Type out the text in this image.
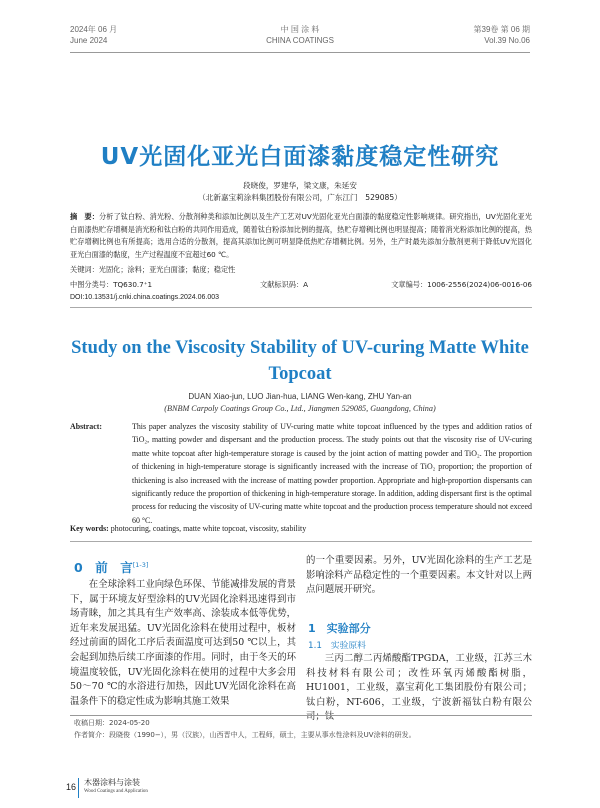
2024年 06 月
June 2024
中 国 涂 料
CHINA COATINGS
第39卷 第 06 期
Vol.39 No.06
UV光固化亚光白面漆黏度稳定性研究
段晓俊，罗建华，梁文康，朱延安
（北新嘉宝莉涂料集团股份有限公司，广东江门　529085）
摘　要：分析了钛白粉、消光粉、分散剂种类和添加比例以及生产工艺对UV光固化亚光白面漆的黏度稳定性影响规律。研究指出，UV光固化亚光白面漆热贮存增稠是消光粉和钛白粉的共同作用造成，随着钛白粉添加比例的提高，热贮存增稠比例也明显提高；随着消光粉添加比例的提高，热贮存增稠比例也有所提高；选用合适的分散剂，提高其添加比例可明显降低热贮存增稠比例。另外，生产时最先添加分散剂更利于降低UV光固化亚光白面漆的黏度，生产过程温度不宜超过60 ℃。
关键词：光固化；涂料；亚光白面漆；黏度；稳定性
中图分类号：TQ630.7⁺1	文献标识码：A	文章编号：1006-2556(2024)06-0016-06
DOI:10.13531/j.cnki.china.coatings.2024.06.003
Study on the Viscosity Stability of UV-curing Matte White
Topcoat
DUAN Xiao-jun, LUO Jian-hua, LIANG Wen-kang, ZHU Yan-an
(BNBM Carpoly Coatings Group Co., Ltd., Jiangmen 529085, Guangdong, China)
Abstract:	This paper analyzes the viscosity stability of UV-curing matte white topcoat influenced by the types and addition ratios of TiO₂, matting powder and dispersant and the production process. The study points out that the viscosity rise of UV-curing matte white topcoat after high-temperature storage is caused by the joint action of matting powder and TiO₂. The proportion of thickening in high-temperature storage is significantly increased with the increase of TiO₂ proportion; the proportion of thickening is also increased with the increase of matting powder proportion. Appropriate and high-proportion dispersants can significantly reduce the proportion of thickening in high-temperature storage. In addition, adding dispersant first is the optimal process for reducing the viscosity of UV-curing matte white topcoat and the production process temperature should not exceed 60 °C.
Key words: photocuring, coatings, matte white topcoat, viscosity, stability
0　前　言[1-3]
在全球涂料工业向绿色环保、节能减排发展的背景下，属于环境友好型涂料的UV光固化涂料迅速得到市场青睐，加之其具有生产效率高、涂装成本低等优势，近年来发展迅猛。UV光固化涂料在使用过程中，板材经过前面的固化工序后表面温度可达到50 ℃以上，其会起到加热后续工序面漆的作用。同时，由于冬天的环境温度较低，UV光固化涂料在使用的过程中大多会用50～70 ℃的水浴进行加热，因此UV光固化涂料在高温条件下的稳定性成为影响其施工效果
的一个重要因素。另外，UV光固化涂料的生产工艺是影响涂料产品稳定性的一个重要因素。本文针对以上两点问题展开研究。
1　实验部分
1.1　实验原料
三丙二醇二丙烯酸酯TPGDA，工业级，江苏三木科技材料有限公司；改性环氧丙烯酸酯树脂，HU1001，工业级，嘉宝莉化工集团股份有限公司；钛白粉，NT-606，工业级，宁波新福钛白粉有限公司；钛
收稿日期：2024-05-20
作者简介：段晓俊（1990−），男（汉族），山西晋中人，工程师，硕士，主要从事水性涂料及UV涂料的研发。
16 木器涂料与涂装
Wood Coatings and Application
